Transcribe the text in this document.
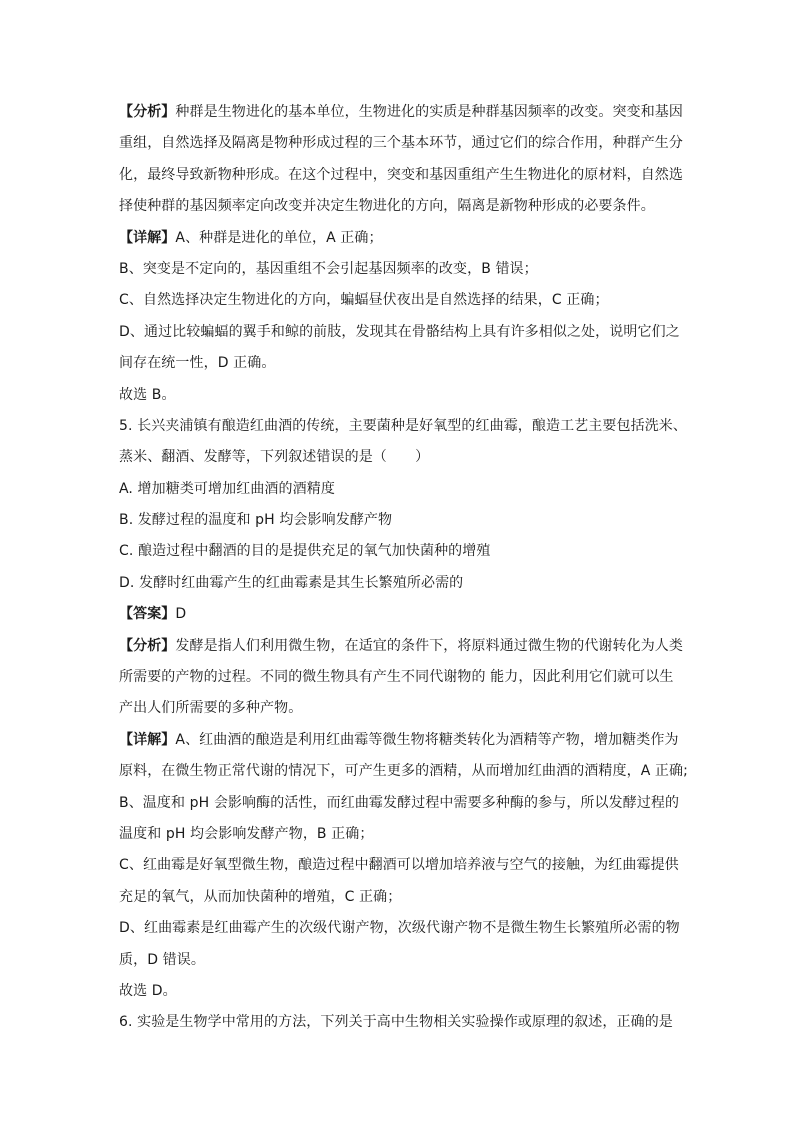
【分析】种群是生物进化的基本单位，生物进化的实质是种群基因频率的改变。突变和基因
重组，自然选择及隔离是物种形成过程的三个基本环节，通过它们的综合作用，种群产生分
化，最终导致新物种形成。在这个过程中，突变和基因重组产生生物进化的原材料，自然选
择使种群的基因频率定向改变并决定生物进化的方向，隔离是新物种形成的必要条件。
【详解】A、种群是进化的单位，A 正确；
B、突变是不定向的，基因重组不会引起基因频率的改变，B 错误；
C、自然选择决定生物进化的方向，蝙蝠昼伏夜出是自然选择的结果，C 正确；
D、通过比较蝙蝠的翼手和鲸的前肢，发现其在骨骼结构上具有许多相似之处，说明它们之
间存在统一性，D 正确。
故选 B。
5. 长兴夹浦镇有酿造红曲酒的传统，主要菌种是好氧型的红曲霉，酿造工艺主要包括洗米、
蒸米、翻酒、发酵等，下列叙述错误的是（　　）
A. 增加糖类可增加红曲酒的酒精度
B. 发酵过程的温度和 pH 均会影响发酵产物
C. 酿造过程中翻酒的目的是提供充足的氧气加快菌种的增殖
D. 发酵时红曲霉产生的红曲霉素是其生长繁殖所必需的
【答案】D
【分析】发酵是指人们利用微生物，在适宜的条件下，将原料通过微生物的代谢转化为人类
所需要的产物的过程。不同的微生物具有产生不同代谢物的 能力，因此利用它们就可以生
产出人们所需要的多种产物。
【详解】A、红曲酒的酿造是利用红曲霉等微生物将糖类转化为酒精等产物，增加糖类作为
原料，在微生物正常代谢的情况下，可产生更多的酒精，从而增加红曲酒的酒精度，A 正确;
B、温度和 pH 会影响酶的活性，而红曲霉发酵过程中需要多种酶的参与，所以发酵过程的
温度和 pH 均会影响发酵产物，B 正确；
C、红曲霉是好氧型微生物，酿造过程中翻酒可以增加培养液与空气的接触，为红曲霉提供
充足的氧气，从而加快菌种的增殖，C 正确；
D、红曲霉素是红曲霉产生的次级代谢产物，次级代谢产物不是微生物生长繁殖所必需的物
质，D 错误。
故选 D。
6. 实验是生物学中常用的方法，下列关于高中生物相关实验操作或原理的叙述，正确的是
